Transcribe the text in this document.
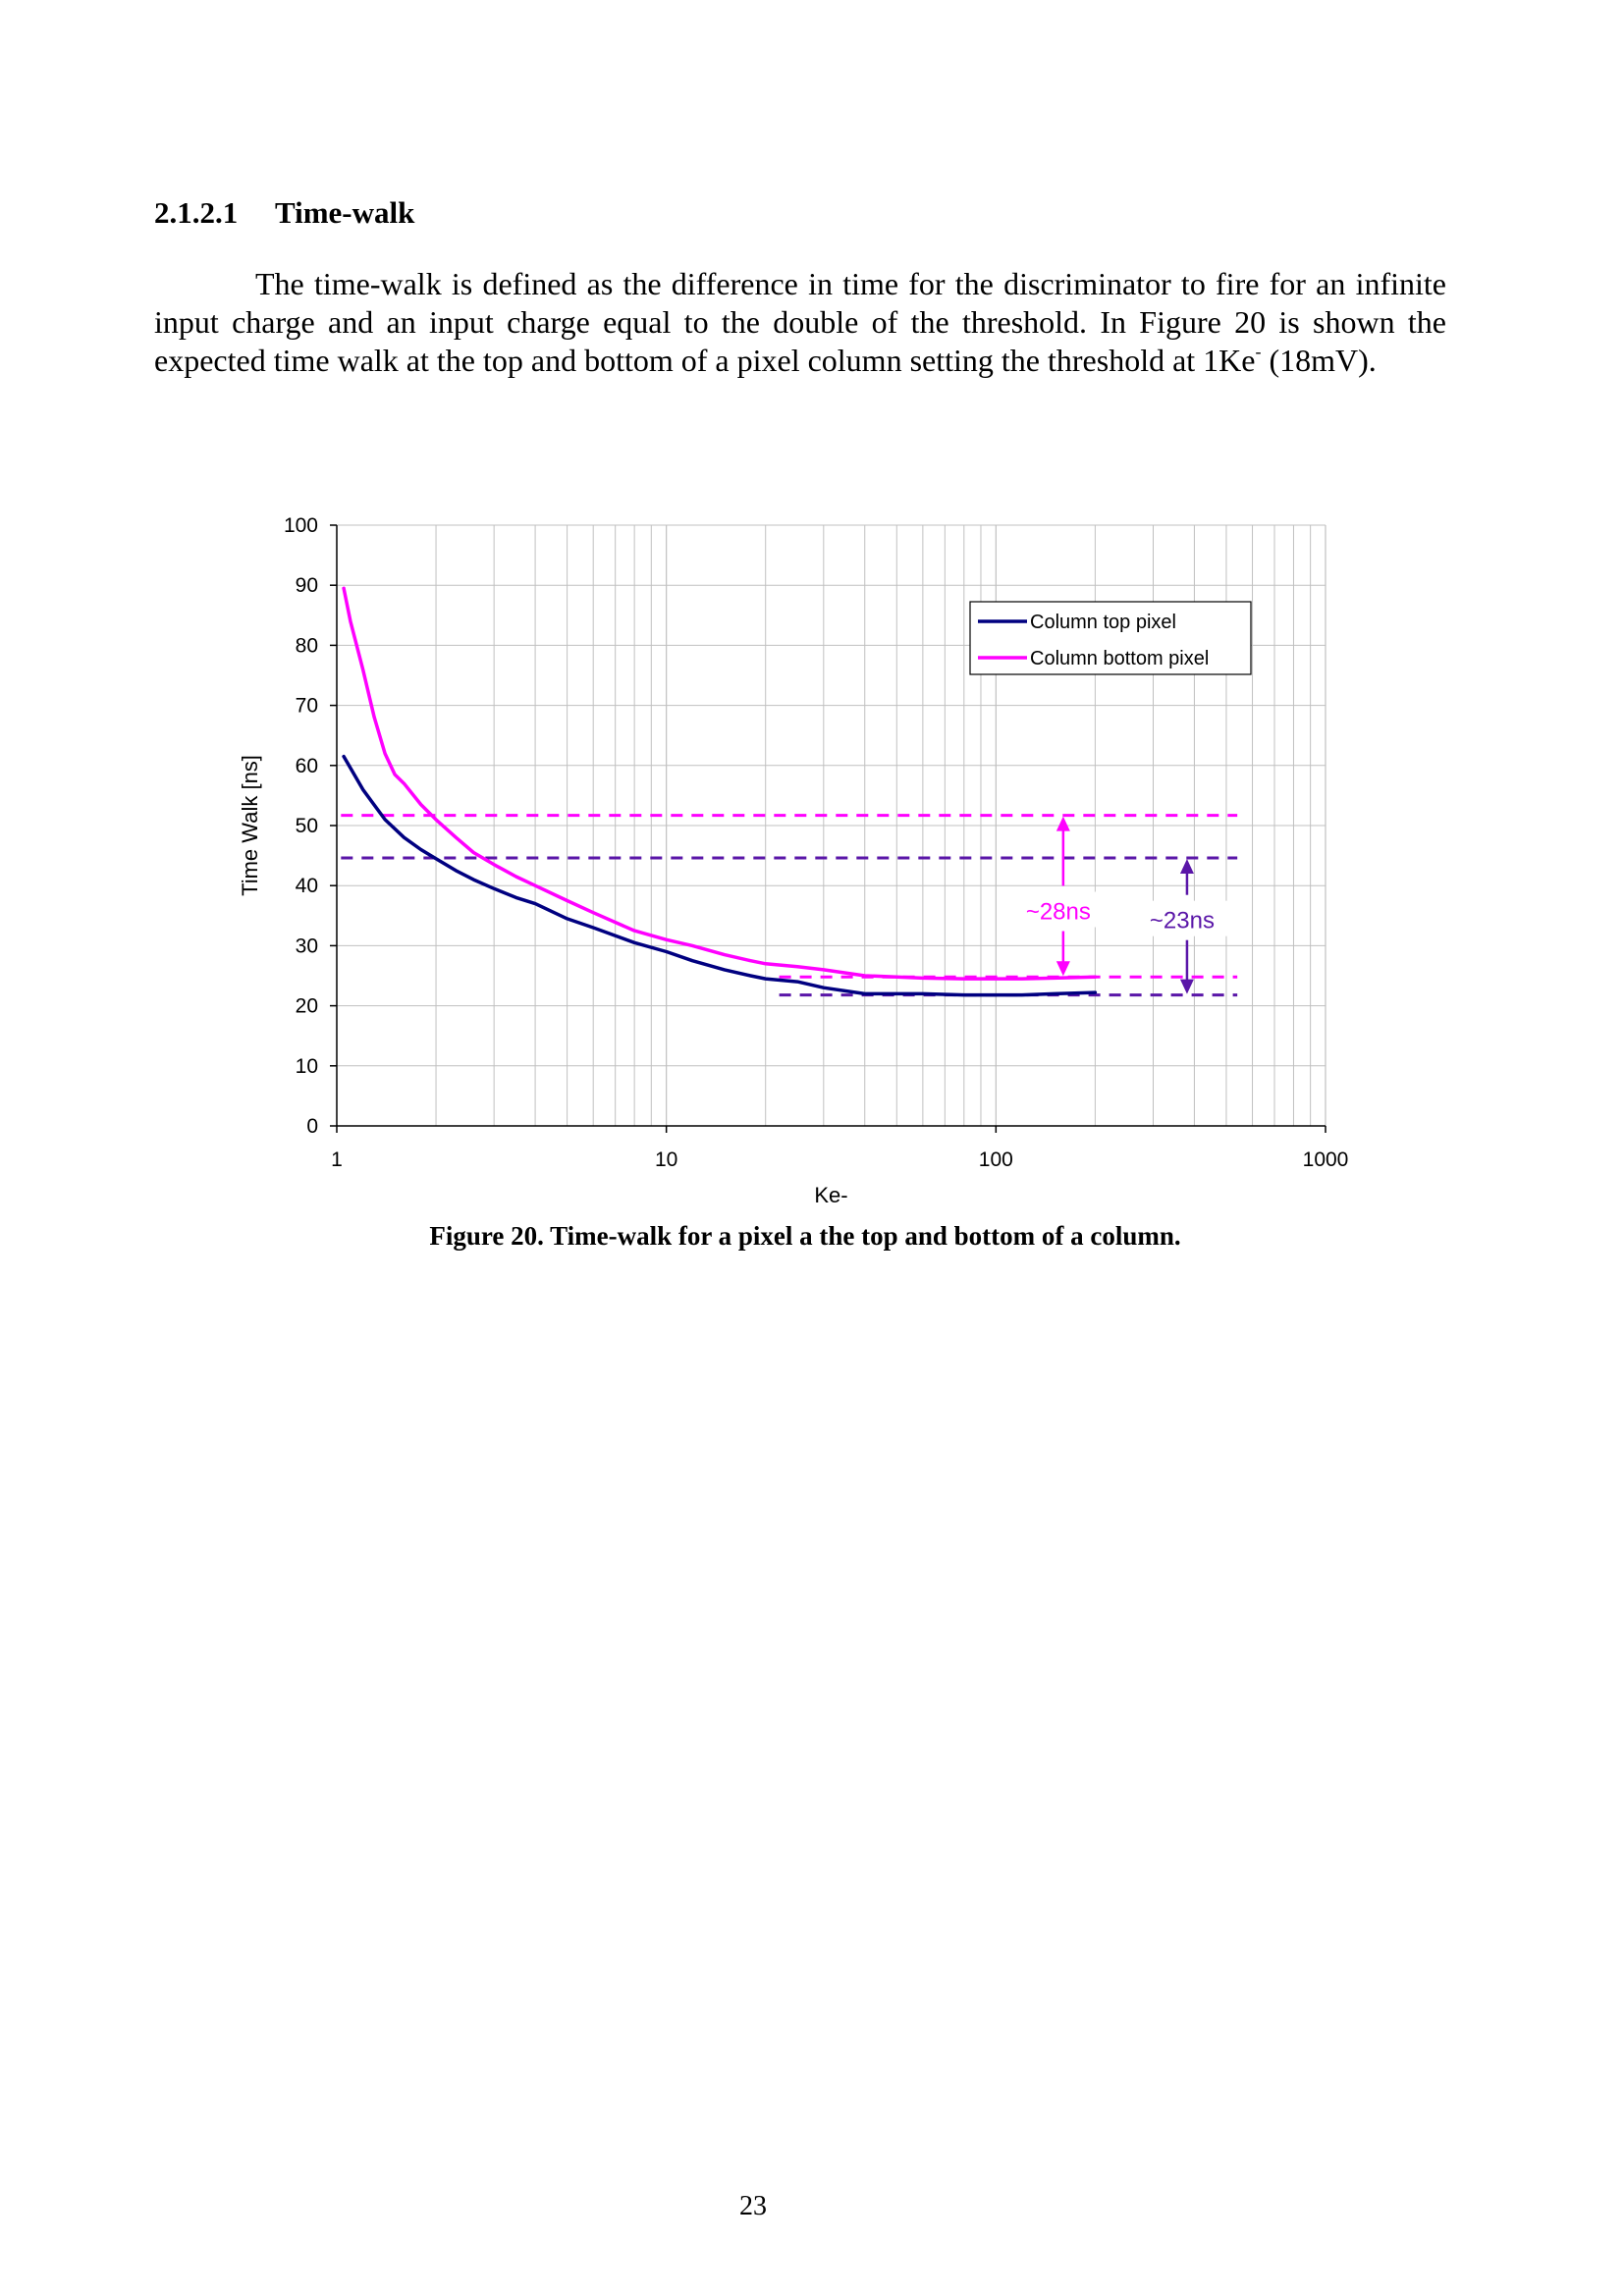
2.1.2.1 Time-walk

The time-walk is defined as the difference in time for the discriminator to fire for an infinite input charge and an input charge equal to the double of the threshold. In Figure 20 is shown the expected time walk at the top and bottom of a pixel column setting the threshold at 1Ke- (18mV).

0
10
20
30
40
50
60
70
80
90
100
1	10	100	1000
Ke-
Time Walk [ns]
~28ns	~23ns
Column top pixel
Column bottom pixel
Figure 20. Time-walk for a pixel a the top and bottom of a column.
23
